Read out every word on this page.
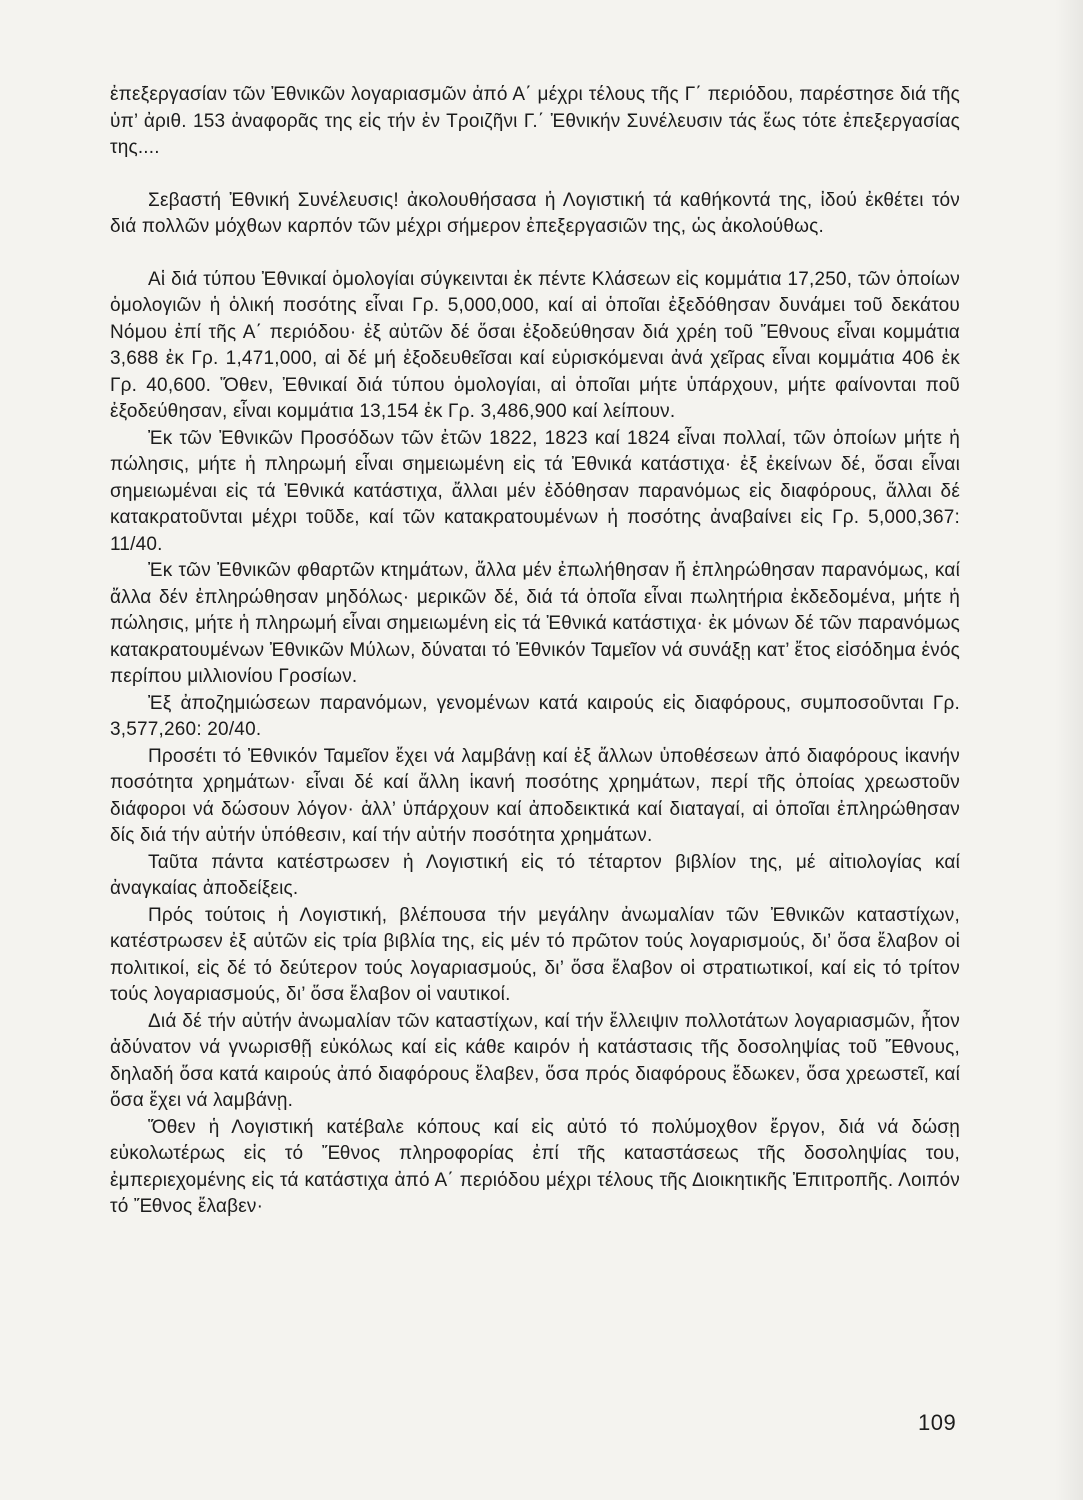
ἐπεξεργασίαν τῶν Ἐθνικῶν λογαριασμῶν ἀπό Α΄ μέχρι τέλους τῆς Γ΄ περιόδου, παρέστησε διά τῆς ὑπ’ ἀριθ. 153 ἀναφορᾶς της εἰς τήν ἐν Τροιζῆνι Γ.΄ Ἐθνικήν Συνέλευσιν τάς ἕως τότε ἐπεξεργασίας της....

Σεβαστή Ἐθνική Συνέλευσις! ἀκολουθήσασα ἡ Λογιστική τά καθήκοντά της, ἰδού ἐκθέτει τόν διά πολλῶν μόχθων καρπόν τῶν μέχρι σήμερον ἐπεξεργασιῶν της, ὡς ἀκολούθως.

Αἱ διά τύπου Ἐθνικαί ὁμολογίαι σύγκεινται ἐκ πέντε Κλάσεων εἰς κομμάτια 17,250, τῶν ὁποίων ὁμολογιῶν ἡ ὁλική ποσότης εἶναι Γρ. 5,000,000, καί αἱ ὁποῖαι ἐξεδόθησαν δυνάμει τοῦ δεκάτου Νόμου ἐπί τῆς Α΄ περιόδου· ἐξ αὐτῶν δέ ὅσαι ἐξοδεύθησαν διά χρέη τοῦ Ἔθνους εἶναι κομμάτια 3,688 ἐκ Γρ. 1,471,000, αἱ δέ μή ἐξοδευθεῖσαι καί εὑρισκόμεναι ἀνά χεῖρας εἶναι κομμάτια 406 ἐκ Γρ. 40,600. Ὅθεν, Ἐθνικαί διά τύπου ὁμολογίαι, αἱ ὁποῖαι μήτε ὑπάρχουν, μήτε φαίνονται ποῦ ἐξοδεύθησαν, εἶναι κομμάτια 13,154 ἐκ Γρ. 3,486,900 καί λείπουν.

Ἐκ τῶν Ἐθνικῶν Προσόδων τῶν ἐτῶν 1822, 1823 καί 1824 εἶναι πολλαί, τῶν ὁποίων μήτε ἡ πώλησις, μήτε ἡ πληρωμή εἶναι σημειωμένη εἰς τά Ἐθνικά κατάστιχα· ἐξ ἐκείνων δέ, ὅσαι εἶναι σημειωμέναι εἰς τά Ἐθνικά κατάστιχα, ἄλλαι μέν ἐδόθησαν παρανόμως εἰς διαφόρους, ἄλλαι δέ κατακρατοῦνται μέχρι τοῦδε, καί τῶν κατακρατουμένων ἡ ποσότης ἀναβαίνει εἰς Γρ. 5,000,367: 11/40.

Ἐκ τῶν Ἐθνικῶν φθαρτῶν κτημάτων, ἄλλα μέν ἐπωλήθησαν ἤ ἐπληρώθησαν παρανόμως, καί ἄλλα δέν ἐπληρώθησαν μηδόλως· μερικῶν δέ, διά τά ὁποῖα εἶναι πωλητήρια ἐκδεδομένα, μήτε ἡ πώλησις, μήτε ἡ πληρωμή εἶναι σημειωμένη εἰς τά Ἐθνικά κατάστιχα· ἐκ μόνων δέ τῶν παρανόμως κατακρατουμένων Ἐθνικῶν Μύλων, δύναται τό Ἐθνικόν Ταμεῖον νά συνάξῃ κατ’ ἔτος εἰσόδημα ἑνός περίπου μιλλιονίου Γροσίων.

Ἐξ ἀποζημιώσεων παρανόμων, γενομένων κατά καιρούς εἰς διαφόρους, συμποσοῦνται Γρ. 3,577,260: 20/40.

Προσέτι τό Ἐθνικόν Ταμεῖον ἔχει νά λαμβάνῃ καί ἐξ ἄλλων ὑποθέσεων ἀπό διαφόρους ἱκανήν ποσότητα χρημάτων· εἶναι δέ καί ἄλλη ἱκανή ποσότης χρημάτων, περί τῆς ὁποίας χρεωστοῦν διάφοροι νά δώσουν λόγον· ἀλλ’ ὑπάρχουν καί ἀποδεικτικά καί διαταγαί, αἱ ὁποῖαι ἐπληρώθησαν δίς διά τήν αὐτήν ὑπόθεσιν, καί τήν αὐτήν ποσότητα χρημάτων.

Ταῦτα πάντα κατέστρωσεν ἡ Λογιστική εἰς τό τέταρτον βιβλίον της, μέ αἰτιολογίας καί ἀναγκαίας ἀποδείξεις.

Πρός τούτοις ἡ Λογιστική, βλέπουσα τήν μεγάλην ἀνωμαλίαν τῶν Ἐθνικῶν καταστίχων, κατέστρωσεν ἐξ αὐτῶν εἰς τρία βιβλία της, εἰς μέν τό πρῶτον τούς λογαρισμούς, δι’ ὅσα ἔλαβον οἱ πολιτικοί, εἰς δέ τό δεύτερον τούς λογαριασμούς, δι’ ὅσα ἔλαβον οἱ στρατιωτικοί, καί εἰς τό τρίτον τούς λογαριασμούς, δι’ ὅσα ἔλαβον οἱ ναυτικοί.

Διά δέ τήν αὐτήν ἀνωμαλίαν τῶν καταστίχων, καί τήν ἔλλειψιν πολλοτάτων λογαριασμῶν, ἦτον ἀδύνατον νά γνωρισθῇ εὐκόλως καί εἰς κάθε καιρόν ἡ κατάστασις τῆς δοσοληψίας τοῦ Ἔθνους, δηλαδή ὅσα κατά καιρούς ἀπό διαφόρους ἔλαβεν, ὅσα πρός διαφόρους ἔδωκεν, ὅσα χρεωστεῖ, καί ὅσα ἔχει νά λαμβάνῃ.

Ὅθεν ἡ Λογιστική κατέβαλε κόπους καί εἰς αὐτό τό πολύμοχθον ἔργον, διά νά δώσῃ εὐκολωτέρως εἰς τό Ἔθνος πληροφορίας ἐπί τῆς καταστάσεως τῆς δοσοληψίας του, ἐμπεριεχομένης εἰς τά κατάστιχα ἀπό Α΄ περιόδου μέχρι τέλους τῆς Διοικητικῆς Ἐπιτροπῆς. Λοιπόν τό Ἔθνος ἔλαβεν·

109
